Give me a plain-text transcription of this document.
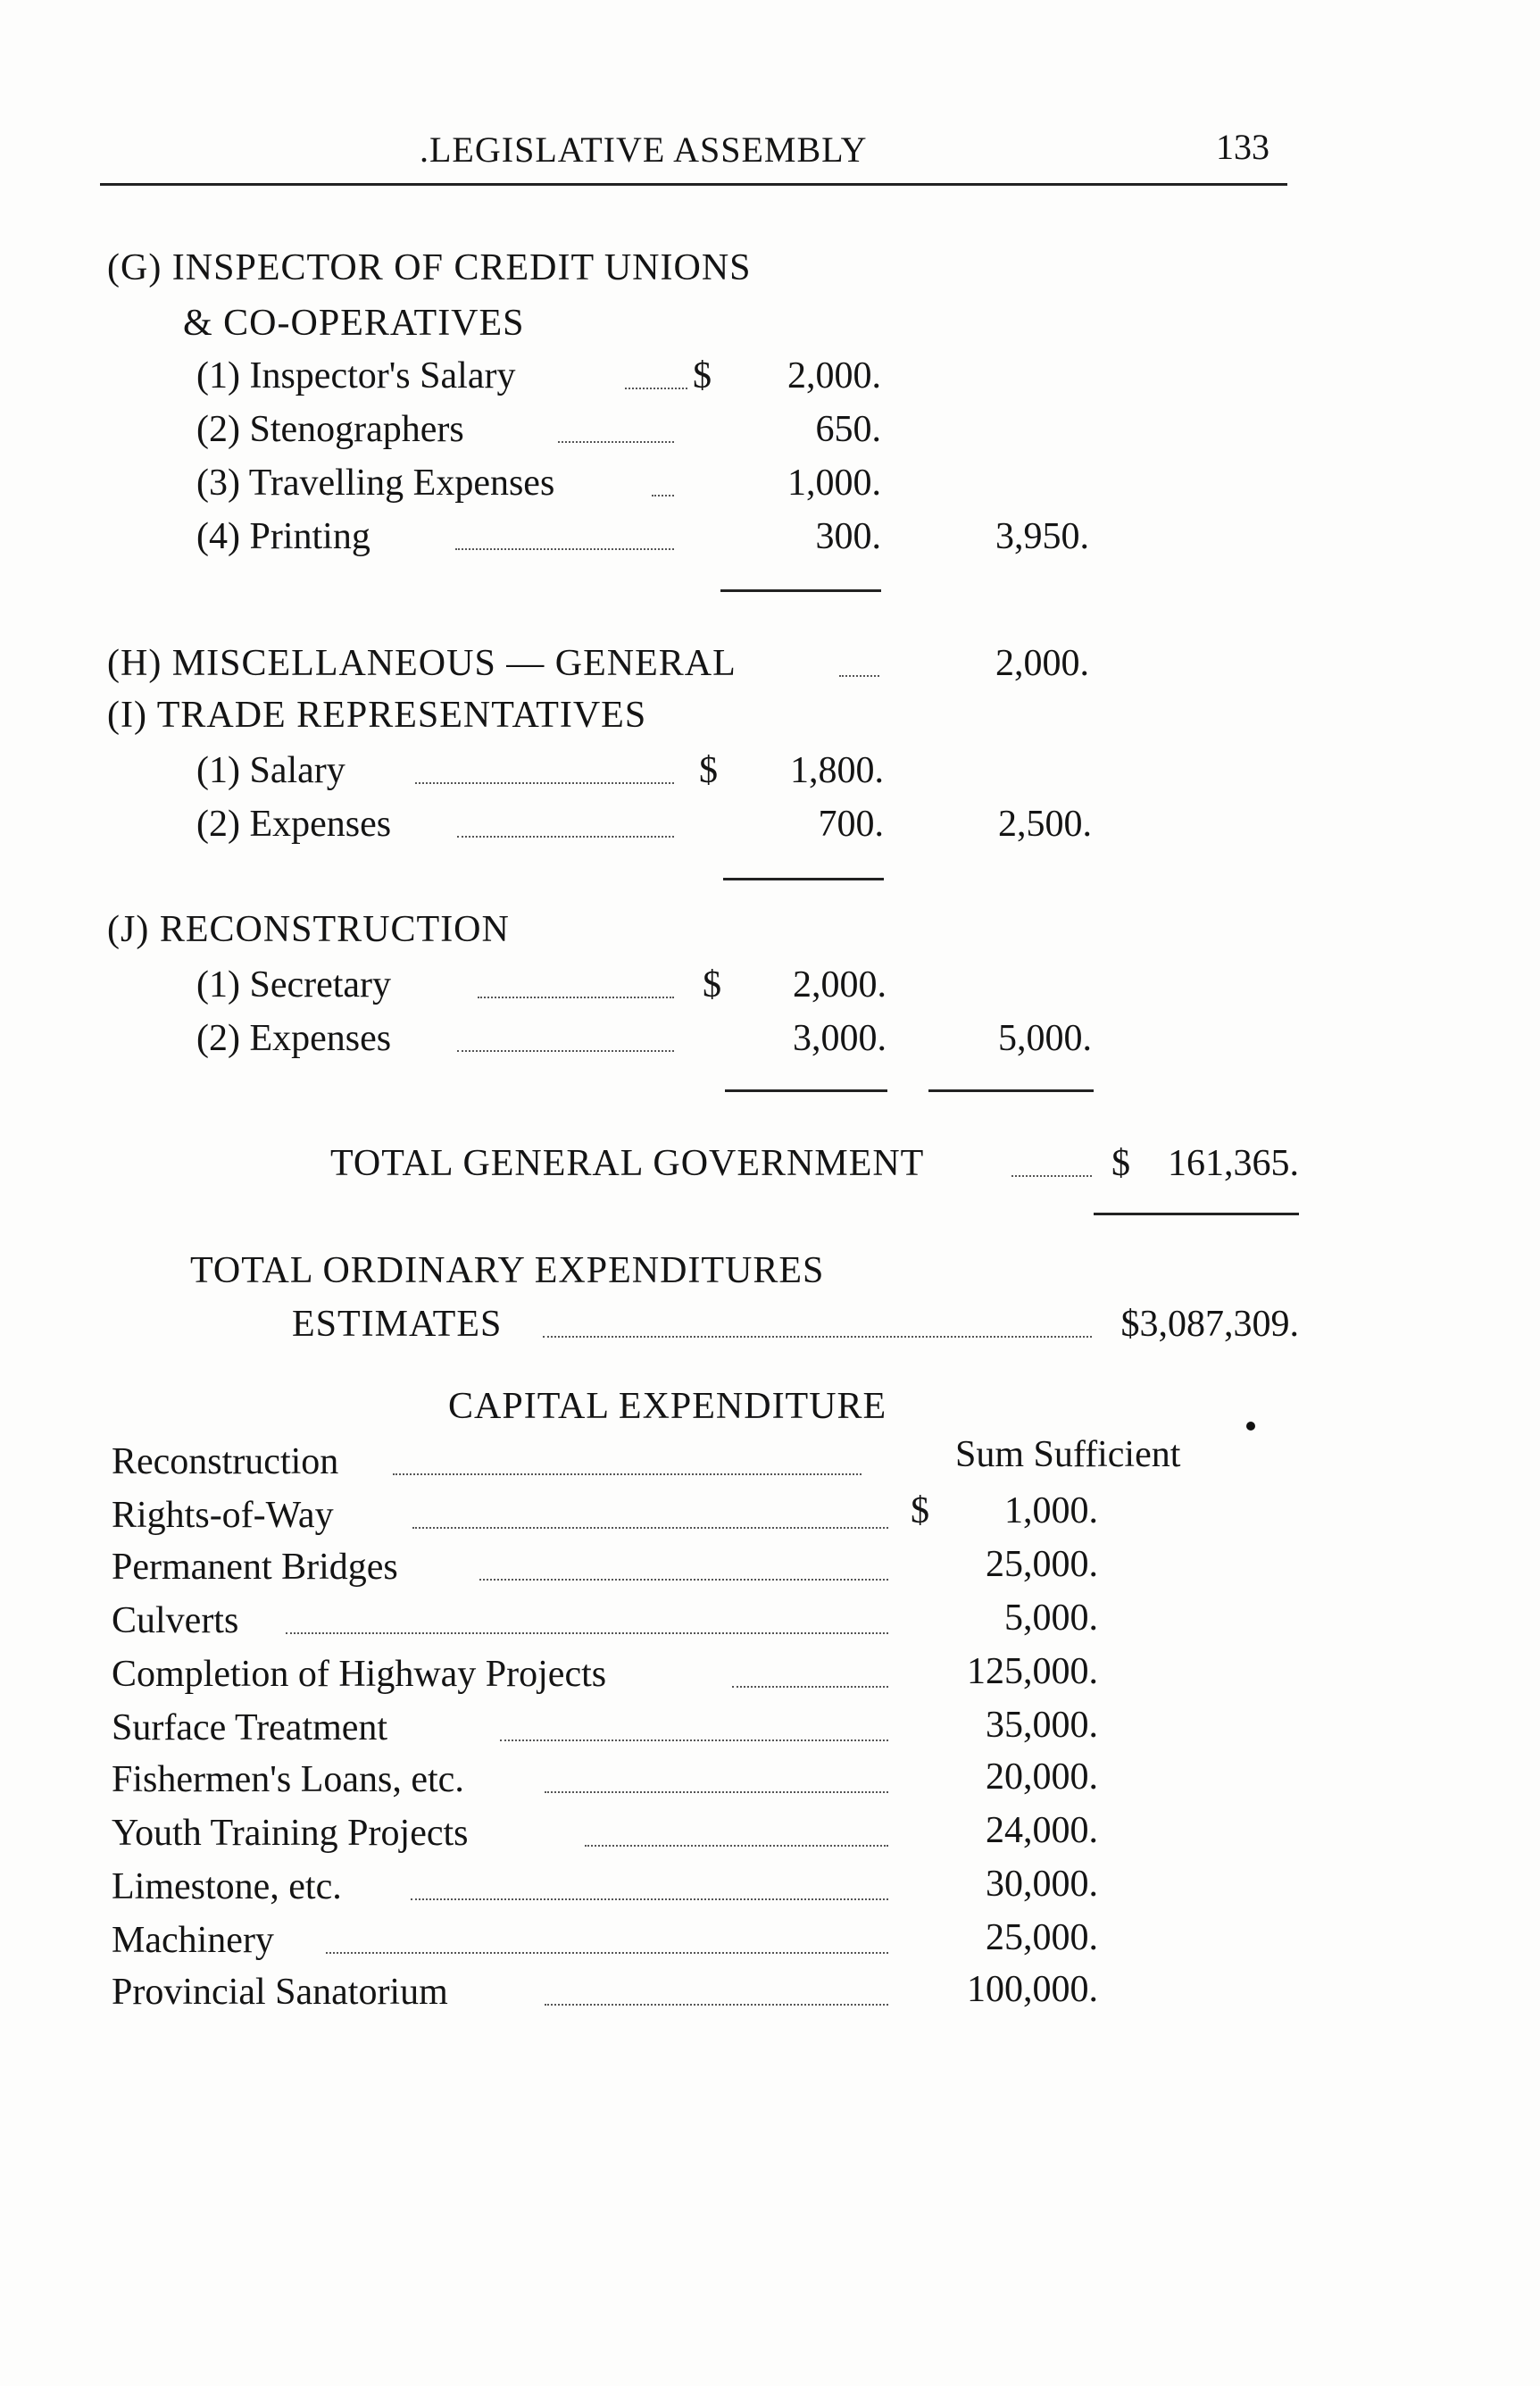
.LEGISLATIVE ASSEMBLY	133
(G) INSPECTOR OF CREDIT UNIONS
& CO-OPERATIVES
(1) Inspector's Salary	$ 2,000.
(2) Stenographers	650.
(3) Travelling Expenses	1,000.
(4) Printing	300.	3,950.
(H) MISCELLANEOUS — GENERAL	2,000.
(I) TRADE REPRESENTATIVES
(1) Salary	$ 1,800.
(2) Expenses	700.	2,500.
(J) RECONSTRUCTION
(1) Secretary	$ 2,000.
(2) Expenses	3,000.	5,000.
TOTAL GENERAL GOVERNMENT	$ 161,365.
TOTAL ORDINARY EXPENDITURES
ESTIMATES	$3,087,309.
CAPITAL EXPENDITURE
Reconstruction	Sum Sufficient
Rights-of-Way	$ 1,000.
Permanent Bridges	25,000.
Culverts	5,000.
Completion of Highway Projects	125,000.
Surface Treatment	35,000.
Fishermen's Loans, etc.	20,000.
Youth Training Projects	24,000.
Limestone, etc.	30,000.
Machinery	25,000.
Provincial Sanatorium	100,000.
